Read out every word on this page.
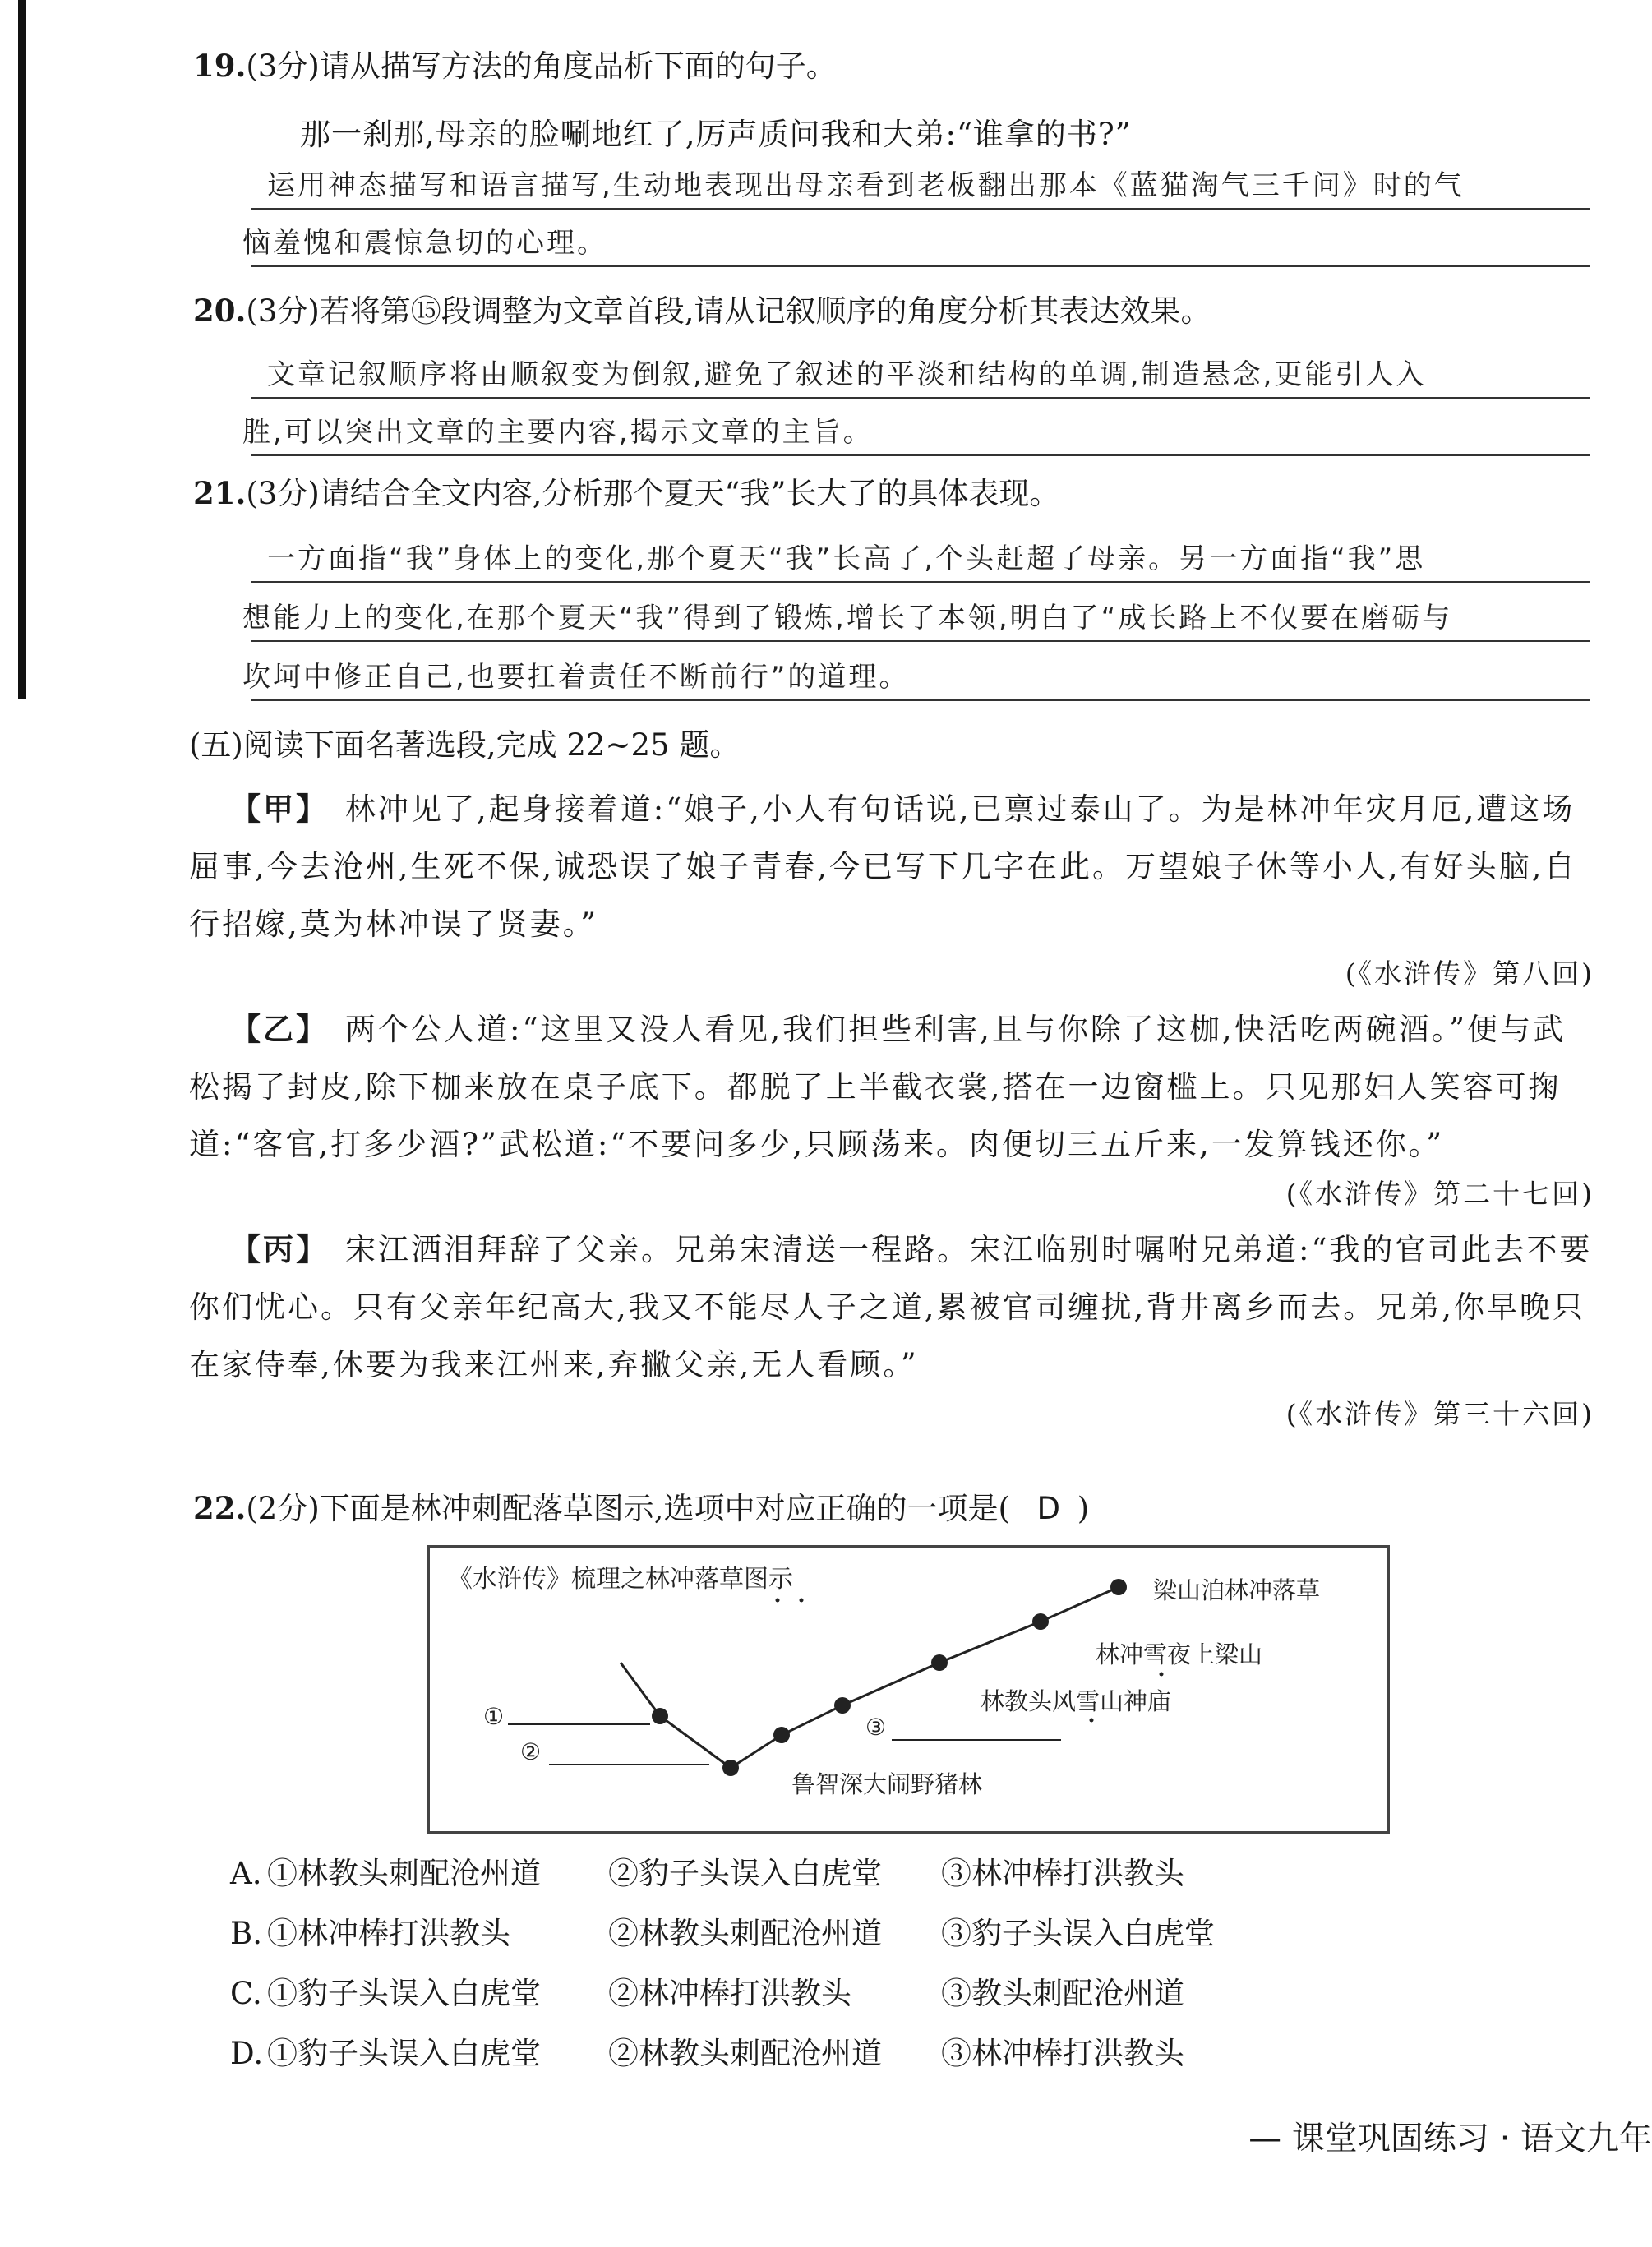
19.(3分)请从描写方法的角度品析下面的句子。

那一刹那,母亲的脸唰地红了,厉声质问我和大弟:“谁拿的书?”

运用神态描写和语言描写,生动地表现出母亲看到老板翻出那本《蓝猫淘气三千问》时的气
恼羞愧和震惊急切的心理。

20.(3分)若将第⑮段调整为文章首段,请从记叙顺序的角度分析其表达效果。

文章记叙顺序将由顺叙变为倒叙,避免了叙述的平淡和结构的单调,制造悬念,更能引人入
胜,可以突出文章的主要内容,揭示文章的主旨。

21.(3分)请结合全文内容,分析那个夏天“我”长大了的具体表现。

一方面指“我”身体上的变化,那个夏天“我”长高了,个头赶超了母亲。另一方面指“我”思
想能力上的变化,在那个夏天“我”得到了锻炼,增长了本领,明白了“成长路上不仅要在磨砺与
坎坷中修正自己,也要扛着责任不断前行”的道理。

(五)阅读下面名著选段,完成 22~25 题。

【甲】 林冲见了,起身接着道:“娘子,小人有句话说,已禀过泰山了。为是林冲年灾月厄,遭这场屈事,今去沧州,生死不保,诚恐误了娘子青春,今已写下几字在此。万望娘子休等小人,有好头脑,自行招嫁,莫为林冲误了贤妻。”

(《水浒传》第八回)

【乙】 两个公人道:“这里又没人看见,我们担些利害,且与你除了这枷,快活吃两碗酒。”便与武松揭了封皮,除下枷来放在桌子底下。都脱了上半截衣裳,搭在一边窗槛上。只见那妇人笑容可掬道:“客官,打多少酒?”武松道:“不要问多少,只顾荡来。肉便切三五斤来,一发算钱还你。”

(《水浒传》第二十七回)

【丙】 宋江洒泪拜辞了父亲。兄弟宋清送一程路。宋江临别时嘱咐兄弟道:“我的官司此去不要你们忧心。只有父亲年纪高大,我又不能尽人子之道,累被官司缠扰,背井离乡而去。兄弟,你早晚只在家侍奉,休要为我来江州来,弃撇父亲,无人看顾。”

(《水浒传》第三十六回)

22.(2分)下面是林冲刺配落草图示,选项中对应正确的一项是( D )

《水浒传》梳理之林冲落草图示
①
②
③
梁山泊林冲落草
林冲雪夜上梁山
林教头风雪山神庙
鲁智深大闹野猪林
A. ①林教头刺配沧州道 ②豹子头误入白虎堂 ③林冲棒打洪教头
B. ①林冲棒打洪教头	②林教头刺配沧州道 ③豹子头误入白虎堂
C. ①豹子头误入白虎堂 ②林冲棒打洪教头	③教头刺配沧州道
D. ①豹子头误入白虎堂 ②林教头刺配沧州道 ③林冲棒打洪教头
— 课堂巩固练习 · 语文九年
